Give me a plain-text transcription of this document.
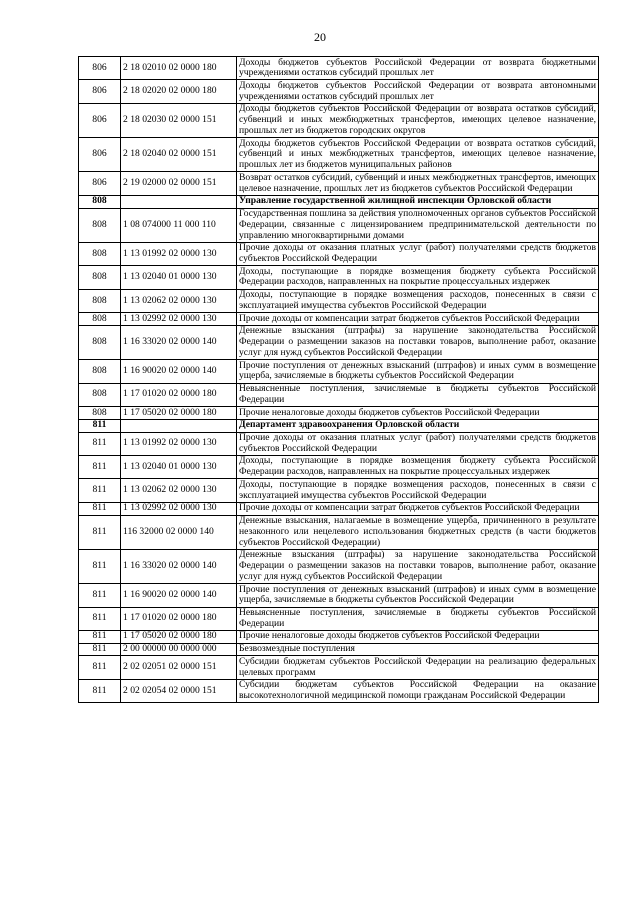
20
806	2 18 02010 02 0000 180	Доходы бюджетов субъектов Российской Федерации от возврата бюджетными учреждениями остатков субсидий прошлых лет
806	2 18 02020 02 0000 180	Доходы бюджетов субъектов Российской Федерации от возврата автономными учреждениями остатков субсидий прошлых лет
806	2 18 02030 02 0000 151	Доходы бюджетов субъектов Российской Федерации от возврата остатков субсидий, субвенций и иных межбюджетных трансфертов, имеющих целевое назначение, прошлых лет из бюджетов городских округов
806	2 18 02040 02 0000 151	Доходы бюджетов субъектов Российской Федерации от возврата остатков субсидий, субвенций и иных межбюджетных трансфертов, имеющих целевое назначение, прошлых лет из бюджетов муниципальных районов
806	2 19 02000 02 0000 151	Возврат остатков субсидий, субвенций и иных межбюджетных трансфертов, имеющих целевое назначение, прошлых лет из бюджетов субъектов Российской Федерации
808		Управление государственной жилищной инспекции Орловской области
808	1 08 074000 11 000 110	Государственная пошлина за действия уполномоченных органов субъектов Российской Федерации, связанные с лицензированием предпринимательской деятельности по управлению многоквартирными домами
808	1 13 01992 02 0000 130	Прочие доходы от оказания платных услуг (работ) получателями средств бюджетов субъектов Российской Федерации
808	1 13 02040 01 0000 130	Доходы, поступающие в порядке возмещения бюджету субъекта Российской Федерации расходов, направленных на покрытие процессуальных издержек
808	1 13 02062 02 0000 130	Доходы, поступающие в порядке возмещения расходов, понесенных в связи с эксплуатацией имущества субъектов Российской Федерации
808	1 13 02992 02 0000 130	Прочие доходы от компенсации затрат бюджетов субъектов Российской Федерации
808	1 16 33020 02 0000 140	Денежные взыскания (штрафы) за нарушение законодательства Российской Федерации о размещении заказов на поставки товаров, выполнение работ, оказание услуг для нужд субъектов Российской Федерации
808	1 16 90020 02 0000 140	Прочие поступления от денежных взысканий (штрафов) и иных сумм в возмещение ущерба, зачисляемые в бюджеты субъектов Российской Федерации
808	1 17 01020 02 0000 180	Невыясненные поступления, зачисляемые в бюджеты субъектов Российской Федерации
808	1 17 05020 02 0000 180	Прочие неналоговые доходы бюджетов субъектов Российской Федерации
811		Департамент здравоохранения Орловской области
811	1 13 01992 02 0000 130	Прочие доходы от оказания платных услуг (работ) получателями средств бюджетов субъектов Российской Федерации
811	1 13 02040 01 0000 130	Доходы, поступающие в порядке возмещения бюджету субъекта Российской Федерации расходов, направленных на покрытие процессуальных издержек
811	1 13 02062 02 0000 130	Доходы, поступающие в порядке возмещения расходов, понесенных в связи с эксплуатацией имущества субъектов Российской Федерации
811	1 13 02992 02 0000 130	Прочие доходы от компенсации затрат бюджетов субъектов Российской Федерации
811	116 32000 02 0000 140	Денежные взыскания, налагаемые в возмещение ущерба, причиненного в результате незаконного или нецелевого использования бюджетных средств (в части бюджетов субъектов Российской Федерации)
811	1 16 33020 02 0000 140	Денежные взыскания (штрафы) за нарушение законодательства Российской Федерации о размещении заказов на поставки товаров, выполнение работ, оказание услуг для нужд субъектов Российской Федерации
811	1 16 90020 02 0000 140	Прочие поступления от денежных взысканий (штрафов) и иных сумм в возмещение ущерба, зачисляемые в бюджеты субъектов Российской Федерации
811	1 17 01020 02 0000 180	Невыясненные поступления, зачисляемые в бюджеты субъектов Российской Федерации
811	1 17 05020 02 0000 180	Прочие неналоговые доходы бюджетов субъектов Российской Федерации
811	2 00 00000 00 0000 000	Безвозмездные поступления
811	2 02 02051 02 0000 151	Субсидии бюджетам субъектов Российской Федерации на реализацию федеральных целевых программ
811	2 02 02054 02 0000 151	Субсидии бюджетам субъектов Российской Федерации на оказание высокотехнологичной медицинской помощи гражданам Российской Федерации
